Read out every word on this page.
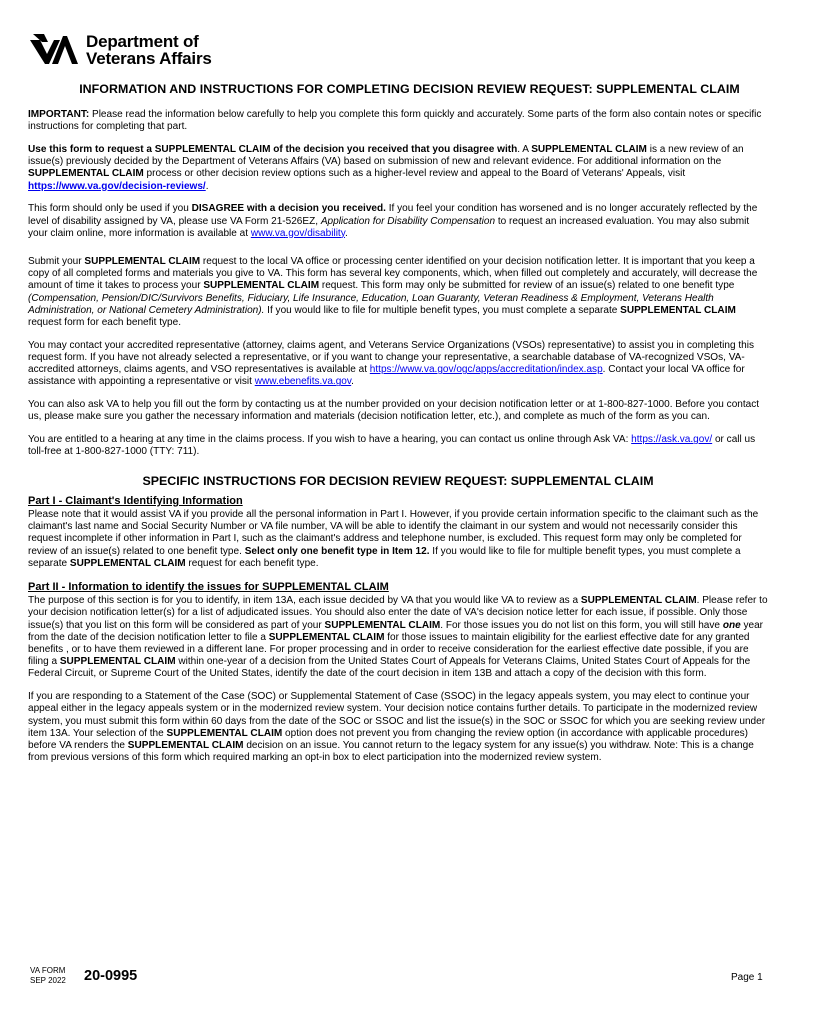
Department of
Veterans Affairs
INFORMATION AND INSTRUCTIONS FOR COMPLETING DECISION REVIEW REQUEST: SUPPLEMENTAL CLAIM

IMPORTANT: Please read the information below carefully to help you complete this form quickly and accurately. Some parts of the form also contain notes or specific instructions for completing that part.

Use this form to request a SUPPLEMENTAL CLAIM of the decision you received that you disagree with. A SUPPLEMENTAL CLAIM is a new review of an issue(s) previously decided by the Department of Veterans Affairs (VA) based on submission of new and relevant evidence. For additional information on the SUPPLEMENTAL CLAIM process or other decision review options such as a higher-level review and appeal to the Board of Veterans' Appeals, visit https://www.va.gov/decision-reviews/.

This form should only be used if you DISAGREE with a decision you received. If you feel your condition has worsened and is no longer accurately reflected by the level of disability assigned by VA, please use VA Form 21-526EZ, Application for Disability Compensation to request an increased evaluation. You may also submit your claim online, more information is available at www.va.gov/disability.

Submit your SUPPLEMENTAL CLAIM request to the local VA office or processing center identified on your decision notification letter. It is important that you keep a copy of all completed forms and materials you give to VA. This form has several key components, which, when filled out completely and accurately, will decrease the amount of time it takes to process your SUPPLEMENTAL CLAIM request. This form may only be submitted for review of an issue(s) related to one benefit type (Compensation, Pension/DIC/Survivors Benefits, Fiduciary, Life Insurance, Education, Loan Guaranty, Veteran Readiness & Employment, Veterans Health Administration, or National Cemetery Administration). If you would like to file for multiple benefit types, you must complete a separate SUPPLEMENTAL CLAIM request form for each benefit type.

You may contact your accredited representative (attorney, claims agent, and Veterans Service Organizations (VSOs) representative) to assist you in completing this request form. If you have not already selected a representative, or if you want to change your representative, a searchable database of VA-recognized VSOs, VA-accredited attorneys, claims agents, and VSO representatives is available at https://www.va.gov/ogc/apps/accreditation/index.asp. Contact your local VA office for assistance with appointing a representative or visit www.ebenefits.va.gov.

You can also ask VA to help you fill out the form by contacting us at the number provided on your decision notification letter or at 1-800-827-1000. Before you contact us, please make sure you gather the necessary information and materials (decision notification letter, etc.), and complete as much of the form as you can.

You are entitled to a hearing at any time in the claims process. If you wish to have a hearing, you can contact us online through Ask VA: https://ask.va.gov/ or call us toll-free at 1-800-827-1000 (TTY: 711).

SPECIFIC INSTRUCTIONS FOR DECISION REVIEW REQUEST: SUPPLEMENTAL CLAIM
Part I - Claimant's Identifying Information

Please note that it would assist VA if you provide all the personal information in Part I. However, if you provide certain information specific to the claimant such as the claimant's last name and Social Security Number or VA file number, VA will be able to identify the claimant in our system and would not necessarily consider this request incomplete if other information in Part I, such as the claimant's address and telephone number, is excluded. This request form may only be completed for review of an issue(s) related to one benefit type. Select only one benefit type in Item 12. If you would like to file for multiple benefit types, you must complete a separate SUPPLEMENTAL CLAIM request for each benefit type.

Part II - Information to identify the issues for SUPPLEMENTAL CLAIM

The purpose of this section is for you to identify, in item 13A, each issue decided by VA that you would like VA to review as a SUPPLEMENTAL CLAIM. Please refer to your decision notification letter(s) for a list of adjudicated issues. You should also enter the date of VA's decision notice letter for each issue, if possible. Only those issue(s) that you list on this form will be considered as part of your SUPPLEMENTAL CLAIM. For those issues you do not list on this form, you will still have one year from the date of the decision notification letter to file a SUPPLEMENTAL CLAIM for those issues to maintain eligibility for the earliest effective date for any granted benefits , or to have them reviewed in a different lane. For proper processing and in order to receive consideration for the earliest effective date possible, if you are filing a SUPPLEMENTAL CLAIM within one-year of a decision from the United States Court of Appeals for Veterans Claims, United States Court of Appeals for the Federal Circuit, or Supreme Court of the United States, identify the date of the court decision in item 13B and attach a copy of the decision with this form.

If you are responding to a Statement of the Case (SOC) or Supplemental Statement of Case (SSOC) in the legacy appeals system, you may elect to continue your appeal either in the legacy appeals system or in the modernized review system. Your decision notice contains further details. To participate in the modernized review system, you must submit this form within 60 days from the date of the SOC or SSOC and list the issue(s) in the SOC or SSOC for which you are seeking review under item 13A. Your selection of the SUPPLEMENTAL CLAIM option does not prevent you from changing the review option (in accordance with applicable procedures) before VA renders the SUPPLEMENTAL CLAIM decision on an issue. You cannot return to the legacy system for any issue(s) you withdraw. Note: This is a change from previous versions of this form which required marking an opt-in box to elect participation into the modernized review system.

VA FORM
SEP 2022 20-0995	Page 1
